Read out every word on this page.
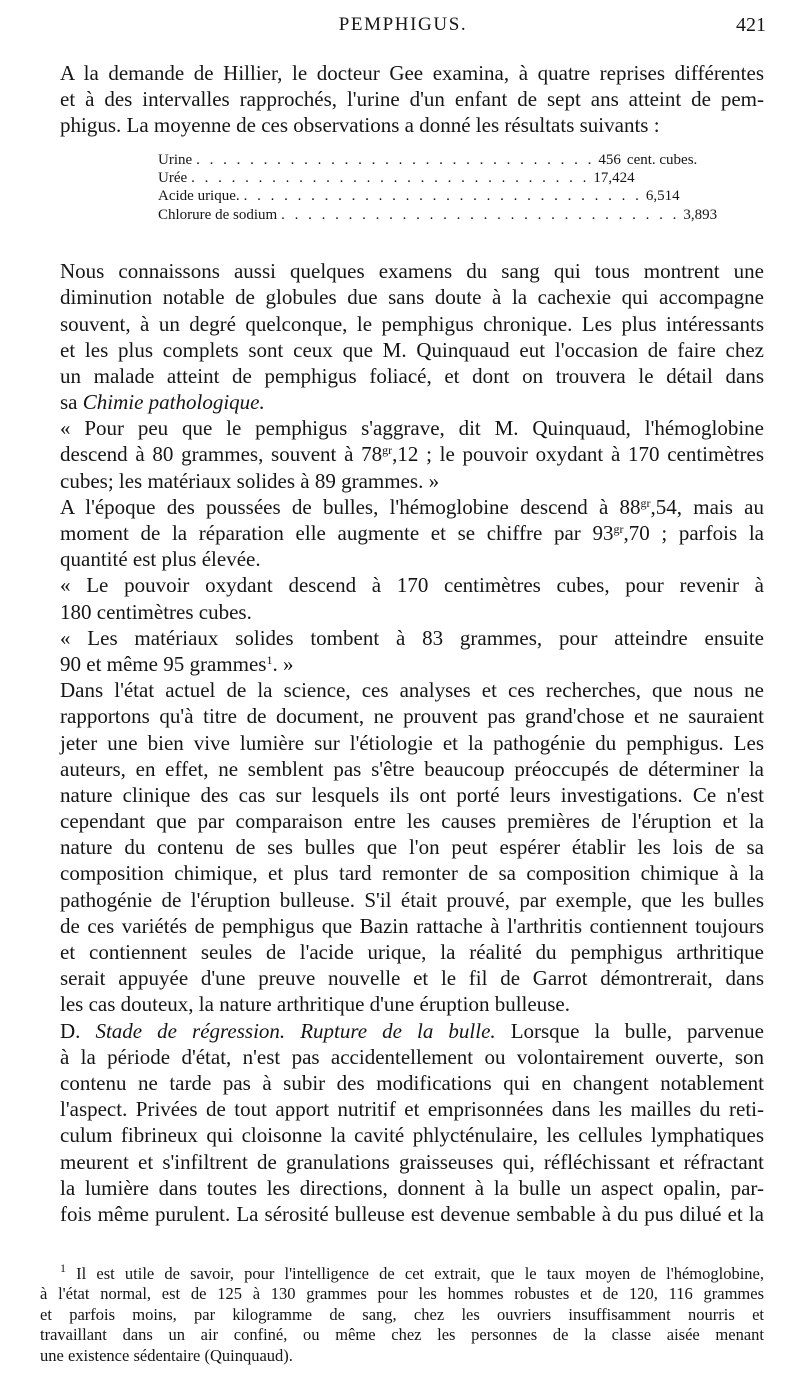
PEMPHIGUS.	421
A la demande de Hillier, le docteur Gee examina, à quatre reprises différentes
et à des intervalles rapprochés, l'urine d'un enfant de sept ans atteint de pem-
phigus. La moyenne de ces observations a donné les résultats suivants :
Urine . . . . . . . . . . . . . . . . . . . . . . . . . . . . . . 456 cent. cubes.
Urée . . . . . . . . . . . . . . . . . . . . . . . . . . . . . . 17,424
Acide urique. . . . . . . . . . . . . . . . . . . . . . . . . . . . . . . 6,514
Chlorure de sodium . . . . . . . . . . . . . . . . . . . . . . . . . . . . . . 3,893
Nous connaissons aussi quelques examens du sang qui tous montrent une
diminution notable de globules due sans doute à la cachexie qui accompagne
souvent, à un degré quelconque, le pemphigus chronique. Les plus intéressants
et les plus complets sont ceux que M. Quinquaud eut l'occasion de faire chez
un malade atteint de pemphigus foliacé, et dont on trouvera le détail dans
sa Chimie pathologique.
« Pour peu que le pemphigus s'aggrave, dit M. Quinquaud, l'hémoglobine
descend à 80 grammes, souvent à $78^{gr},12$ ; le pouvoir oxydant à 170 centimètres
cubes; les matériaux solides à 89 grammes. »
A l'époque des poussées de bulles, l'hémoglobine descend à $88^{gr},54$, mais au
moment de la réparation elle augmente et se chiffre par $93^{gr},70$ ; parfois la
quantité est plus élevée.
« Le pouvoir oxydant descend à 170 centimètres cubes, pour revenir à
180 centimètres cubes.
« Les matériaux solides tombent à 83 grammes, pour atteindre ensuite
90 et même 95 grammes$^1$. »
Dans l'état actuel de la science, ces analyses et ces recherches, que nous ne
rapportons qu'à titre de document, ne prouvent pas grand'chose et ne sauraient
jeter une bien vive lumière sur l'étiologie et la pathogénie du pemphigus. Les
auteurs, en effet, ne semblent pas s'être beaucoup préoccupés de déterminer la
nature clinique des cas sur lesquels ils ont porté leurs investigations. Ce n'est
cependant que par comparaison entre les causes premières de l'éruption et la
nature du contenu de ses bulles que l'on peut espérer établir les lois de sa
composition chimique, et plus tard remonter de sa composition chimique à la
pathogénie de l'éruption bulleuse. S'il était prouvé, par exemple, que les bulles
de ces variétés de pemphigus que Bazin rattache à l'arthritis contiennent toujours
et contiennent seules de l'acide urique, la réalité du pemphigus arthritique
serait appuyée d'une preuve nouvelle et le fil de Garrot démontrerait, dans
les cas douteux, la nature arthritique d'une éruption bulleuse.
D. Stade de régression. Rupture de la bulle. Lorsque la bulle, parvenue
à la période d'état, n'est pas accidentellement ou volontairement ouverte, son
contenu ne tarde pas à subir des modifications qui en changent notablement
l'aspect. Privées de tout apport nutritif et emprisonnées dans les mailles du reti-
culum fibrineux qui cloisonne la cavité phlycténulaire, les cellules lymphatiques
meurent et s'infiltrent de granulations graisseuses qui, réfléchissant et réfractant
la lumière dans toutes les directions, donnent à la bulle un aspect opalin, par-
fois même purulent. La sérosité bulleuse est devenue sembable à du pus dilué et la
$^1$ Il est utile de savoir, pour l'intelligence de cet extrait, que le taux moyen de l'hémoglobine,
à l'état normal, est de 125 à 130 grammes pour les hommes robustes et de 120, 116 grammes
et parfois moins, par kilogramme de sang, chez les ouvriers insuffisamment nourris et
travaillant dans un air confiné, ou même chez les personnes de la classe aisée menant
une existence sédentaire (Quinquaud).
